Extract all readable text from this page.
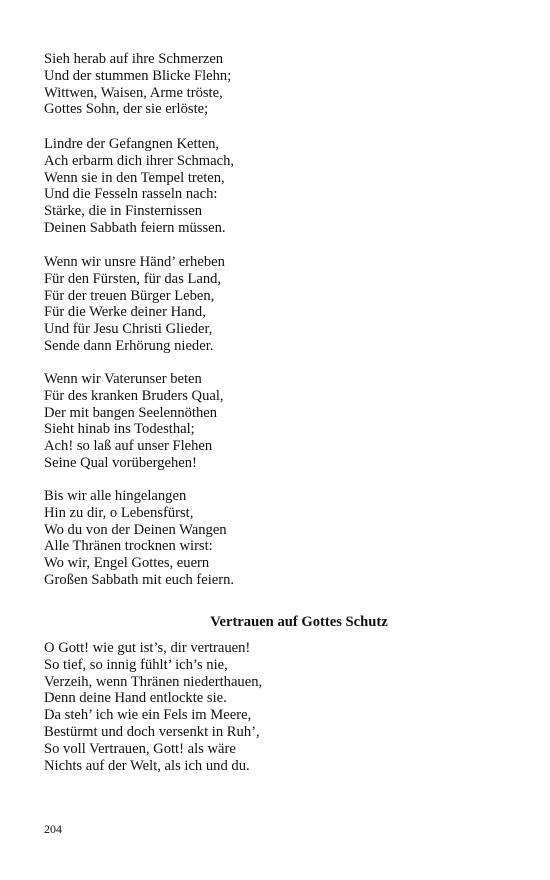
Sieh herab auf ihre Schmerzen
Und der stummen Blicke Flehn;
Wittwen, Waisen, Arme tröste,
Gottes Sohn, der sie erlöste;
Lindre der Gefangnen Ketten,
Ach erbarm dich ihrer Schmach,
Wenn sie in den Tempel treten,
Und die Fesseln rasseln nach:
Stärke, die in Finsternissen
Deinen Sabbath feiern müssen.
Wenn wir unsre Händ’ erheben
Für den Fürsten, für das Land,
Für der treuen Bürger Leben,
Für die Werke deiner Hand,
Und für Jesu Christi Glieder,
Sende dann Erhörung nieder.
Wenn wir Vaterunser beten
Für des kranken Bruders Qual,
Der mit bangen Seelennöthen
Sieht hinab ins Todesthal;
Ach! so laß auf unser Flehen
Seine Qual vorübergehen!
Bis wir alle hingelangen
Hin zu dir, o Lebensfürst,
Wo du von der Deinen Wangen
Alle Thränen trocknen wirst:
Wo wir, Engel Gottes, euern
Großen Sabbath mit euch feiern.
Vertrauen auf Gottes Schutz
O Gott! wie gut ist’s, dir vertrauen!
So tief, so innig fühlt’ ich’s nie,
Verzeih, wenn Thränen niederthauen,
Denn deine Hand entlockte sie.
Da steh’ ich wie ein Fels im Meere,
Bestürmt und doch versenkt in Ruh’,
So voll Vertrauen, Gott! als wäre
Nichts auf der Welt, als ich und du.
204
